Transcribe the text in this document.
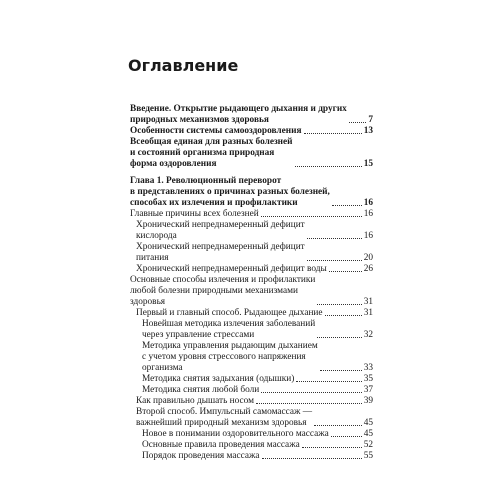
Оглавление
Введение. Открытие рыдающего дыхания и других
природных механизмов здоровья	7
Особенности системы самооздоровления	13
Всеобщая единая для разных болезней
и состояний организма природная
форма оздоровления	15
Глава 1. Революционный переворот
в представлениях о причинах разных болезней,
способах их излечения и профилактики	16
Главные причины всех болезней	16
Хронический непреднамеренный дефицит
кислорода	16
Хронический непреднамеренный дефицит
питания	20
Хронический непреднамеренный дефицит воды	26
Основные способы излечения и профилактики
любой болезни природными механизмами
здоровья	31
Первый и главный способ. Рыдающее дыхание	31
Новейшая методика излечения заболеваний
через управление стрессами	32
Методика управления рыдающим дыханием
с учетом уровня стрессового напряжения
организма	33
Методика снятия задыхания (одышки)	35
Методика снятия любой боли	37
Как правильно дышать носом	39
Второй способ. Импульсный самомассаж —
важнейший природный механизм здоровья	45
Новое в понимании оздоровительного массажа	45
Основные правила проведения массажа	52
Порядок проведения массажа	55
